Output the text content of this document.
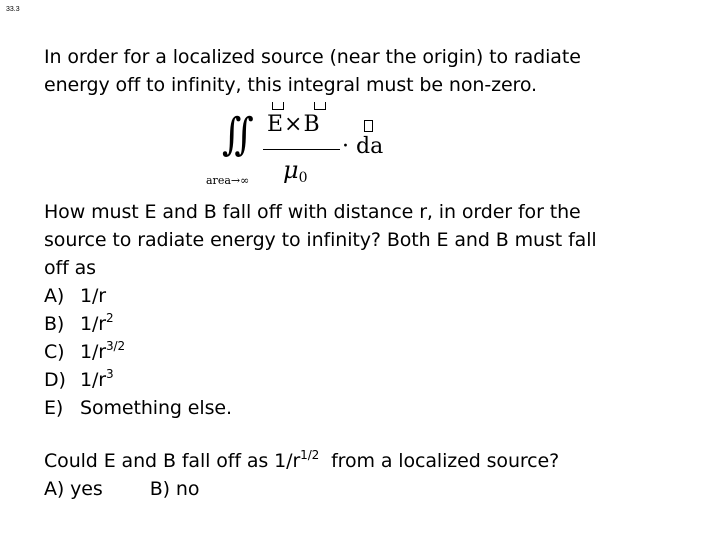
33.3
In order for a localized source (near the origin) to radiate
energy off to infinity, this integral must be non-zero.
∬
area→∞
E×B
$\mu_0$
· da
How must E and B fall off with distance r, in order for the
source to radiate energy to infinity? Both E and B must fall
off as
A) 1/r
B) $1/r^2$
C) $1/r^{3/2}$
D) $1/r^3$
E) Something else.
Could E and B fall off as $1/r^{1/2}$  from a localized source?
A) yes B) no
